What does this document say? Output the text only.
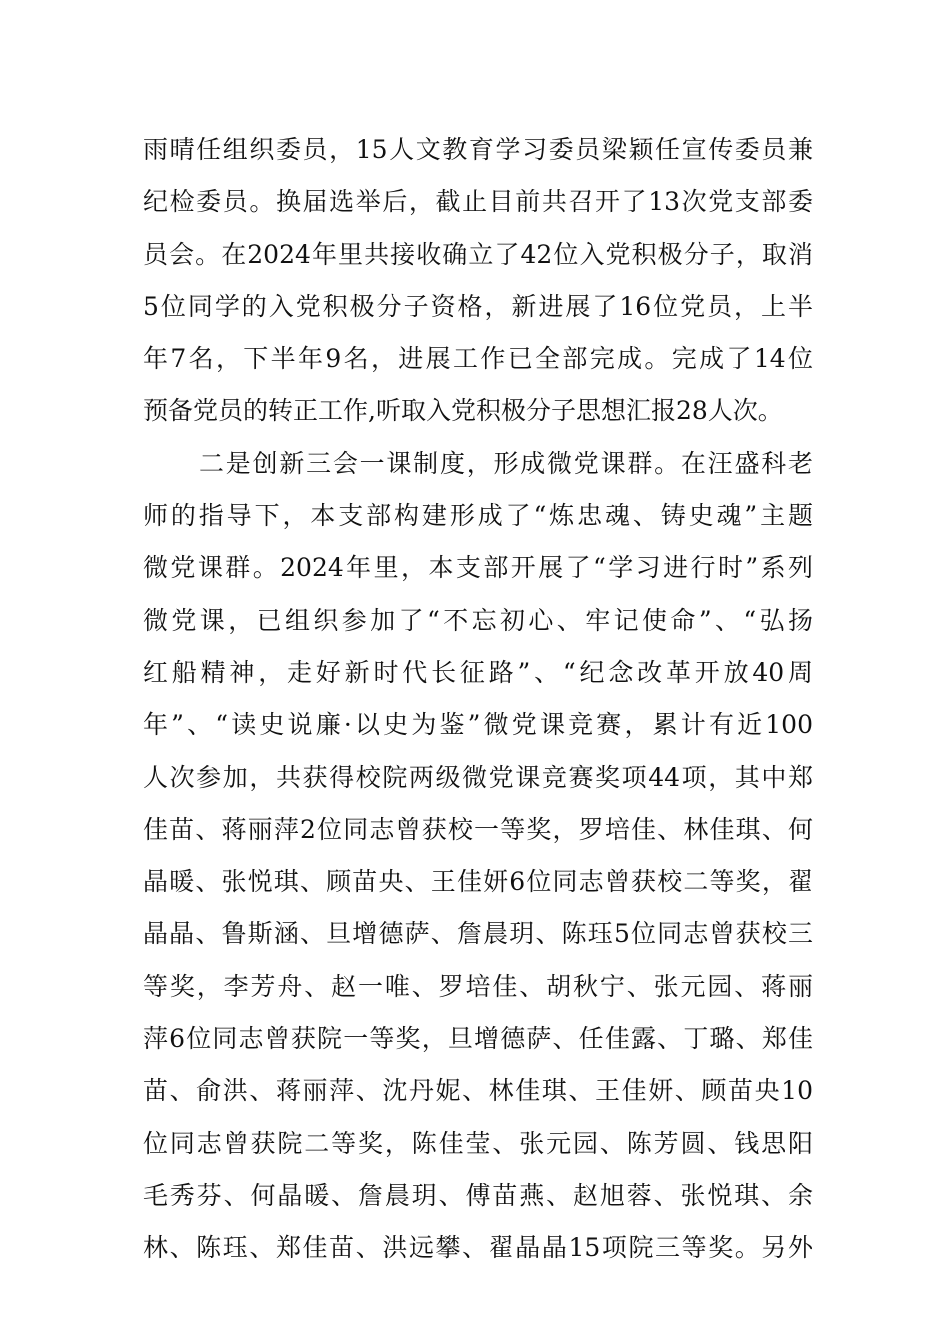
雨晴任组织委员，15人文教育学习委员梁颖任宣传委员兼
纪检委员。换届选举后，截止目前共召开了13次党支部委
员会。在2024年里共接收确立了42位入党积极分子，取消
5位同学的入党积极分子资格，新进展了16位党员，上半
年7名，下半年9名，进展工作已全部完成。完成了14位
预备党员的转正工作,听取入党积极分子思想汇报28人次。
二是创新三会一课制度，形成微党课群。在汪盛科老
师的指导下，本支部构建形成了“炼忠魂、铸史魂”主题
微党课群。2024年里，本支部开展了“学习进行时”系列
微党课，已组织参加了“不忘初心、牢记使命”、“弘扬
红船精神，走好新时代长征路”、“纪念改革开放40周
年”、“读史说廉·以史为鉴”微党课竞赛，累计有近100
人次参加，共获得校院两级微党课竞赛奖项44项，其中郑
佳苗、蒋丽萍2位同志曾获校一等奖，罗培佳、林佳琪、何
晶暖、张悦琪、顾苗央、王佳妍6位同志曾获校二等奖，翟
晶晶、鲁斯涵、旦增德萨、詹晨玥、陈珏5位同志曾获校三
等奖，李芳舟、赵一唯、罗培佳、胡秋宁、张元园、蒋丽
萍6位同志曾获院一等奖，旦增德萨、任佳露、丁璐、郑佳
苗、俞洪、蒋丽萍、沈丹妮、林佳琪、王佳妍、顾苗央10
位同志曾获院二等奖，陈佳莹、张元园、陈芳圆、钱思阳
毛秀芬、何晶暖、詹晨玥、傅苗燕、赵旭蓉、张悦琪、余
林、陈珏、郑佳苗、洪远攀、翟晶晶15项院三等奖。另外
